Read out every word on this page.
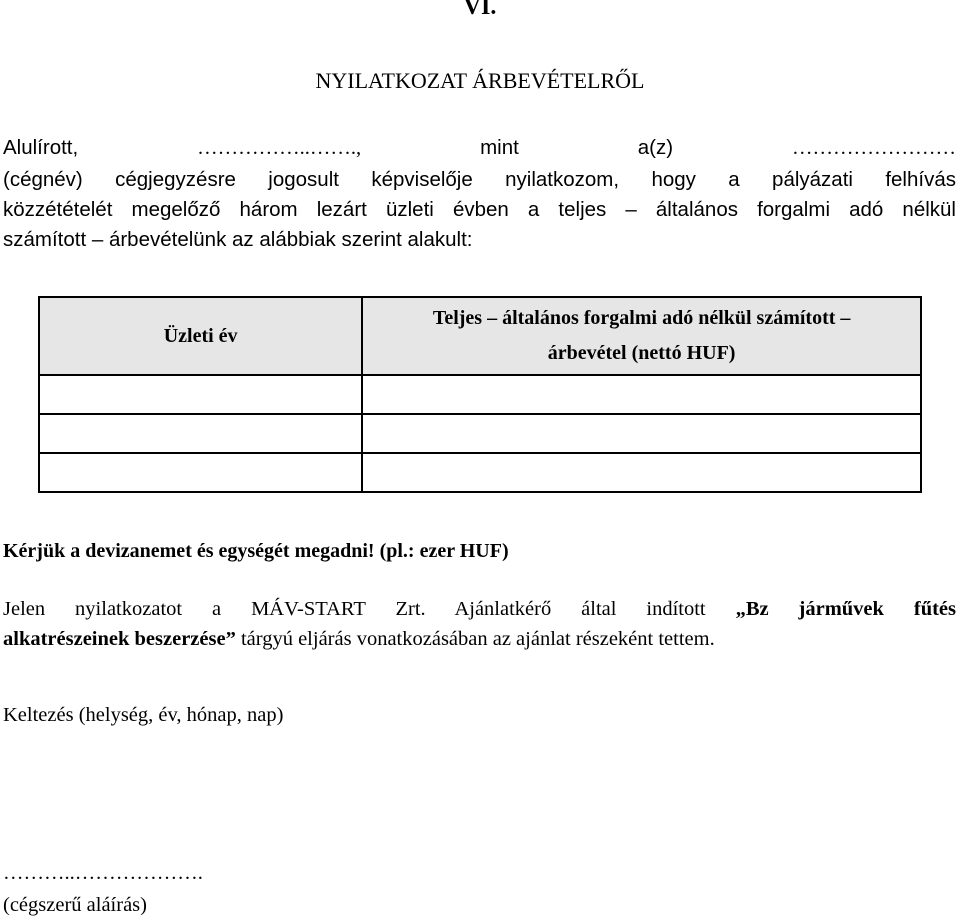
VI.
NYILATKOZAT ÁRBEVÉTELRŐL
Alulírott,	……………..…….,	mint a(z)	……………………
(cégnév) cégjegyzésre jogosult képviselője nyilatkozom, hogy a pályázati felhívás
közzétételét megelőző három lezárt üzleti évben a teljes – általános forgalmi adó nélkül
számított – árbevételünk az alábbiak szerint alakult:
Üzleti év	Teljes – általános forgalmi adó nélkül számított –
árbevétel (nettó HUF)

Kérjük a devizanemet és egységét megadni! (pl.: ezer HUF)
Jelen nyilatkozatot a MÁV-START Zrt. Ajánlatkérő által indított „Bz járművek fűtés
alkatrészeinek beszerzése” tárgyú eljárás vonatkozásában az ajánlat részeként tettem.
Keltezés (helység, év, hónap, nap)
………..……………….
(cégszerű aláírás)
